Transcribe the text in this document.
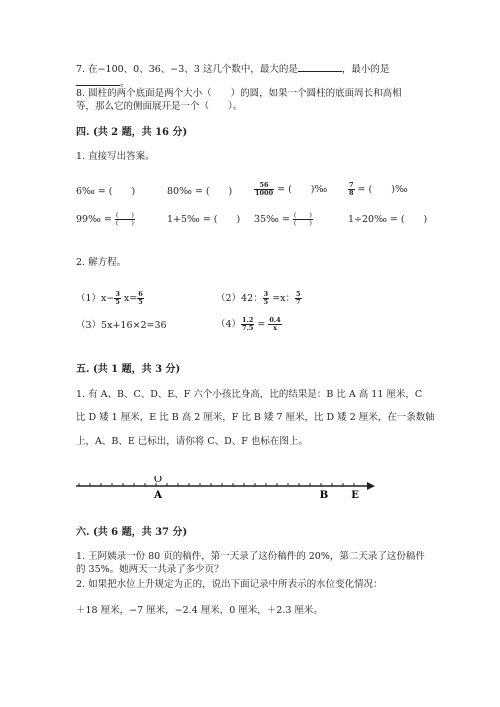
7. 在−100、0、36、−3、3 这几个数中，最大的是	，最小的是
。
8. 圆柱的两个底面是两个大小（　　）的圆，如果一个圆柱的底面周长和高相
等，那么它的侧面展开是一个（　　）。
四. (共 2 题，共 16 分)
1. 直接写出答案。
6‰ = (　　)	80‰ = (　　)	$\frac{56}{1000}$ = (　　)‰	$\frac{7}{8}$ = (　　)‰
99‰ = $\frac{( )}{( )}$	1+5‰ = (　　) 35‰ = $\frac{( )}{( )}$	1÷20‰ = (　　)
2. 解方程。
$(1)x- \frac{3}{5} x= \frac{6}{5}$	（2）42： $\frac{3}{5} =x$： $\frac{5}{7}$
（3）5x+16×2=36	$(4) \frac{1.2}{7.5} = \frac{0.4}{x}$
五. (共 1 题，共 3 分)
1. 有 A、B、C、D、E、F 六个小孩比身高，比的结果是：B 比 A 高 11 厘米，C
比 D 矮 1 厘米，E 比 B 高 2 厘米，F 比 B 矮 7 厘米，比 D 矮 2 厘米，在一条数轴
上，A、B、E 已标出，请你将 C、D、F 也标在图上。
O
A	B E
六. (共 6 题，共 37 分)
1. 王阿姨录一份 80 页的稿件，第一天录了这份稿件的 20%，第二天录了这份稿件
的 35%。她两天一共录了多少页？
2. 如果把水位上升规定为正的，说出下面记录中所表示的水位变化情况：
＋18 厘米，−7 厘米，−2.4 厘米，0 厘米，＋2.3 厘米。
